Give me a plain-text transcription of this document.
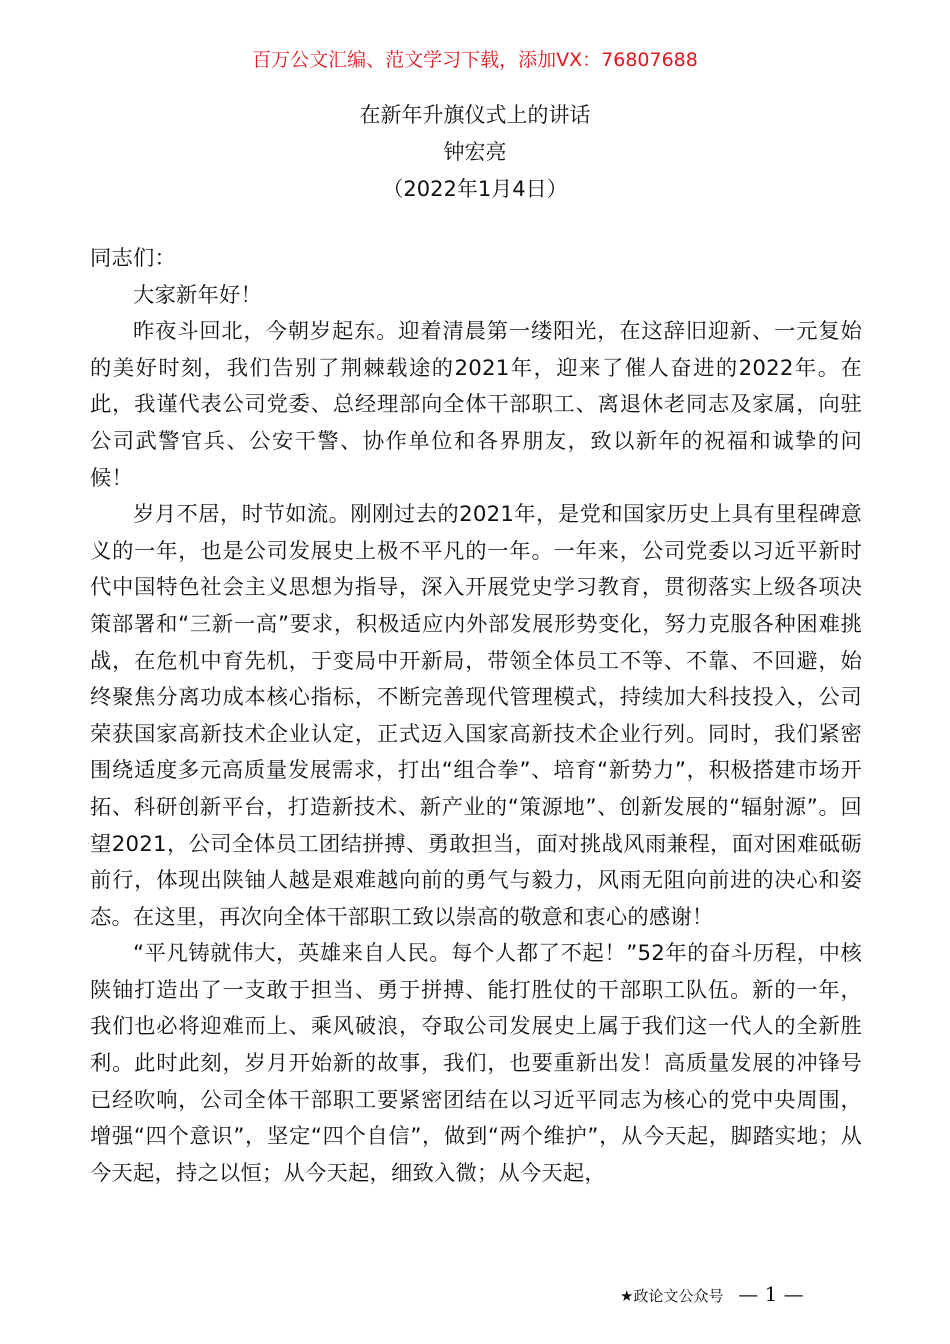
百万公文汇编、范文学习下载，添加VX：76807688
在新年升旗仪式上的讲话
钟宏亮
（2022年1月4日）

同志们：

大家新年好！

昨夜斗回北，今朝岁起东。迎着清晨第一缕阳光，在这辞旧迎新、一元复始的美好时刻，我们告别了荆棘载途的2021年，迎来了催人奋进的2022年。在此，我谨代表公司党委、总经理部向全体干部职工、离退休老同志及家属，向驻公司武警官兵、公安干警、协作单位和各界朋友，致以新年的祝福和诚挚的问候！

岁月不居，时节如流。刚刚过去的2021年，是党和国家历史上具有里程碑意义的一年，也是公司发展史上极不平凡的一年。一年来，公司党委以习近平新时代中国特色社会主义思想为指导，深入开展党史学习教育，贯彻落实上级各项决策部署和“三新一高”要求，积极适应内外部发展形势变化，努力克服各种困难挑战，在危机中育先机，于变局中开新局，带领全体员工不等、不靠、不回避，始终聚焦分离功成本核心指标，不断完善现代管理模式，持续加大科技投入，公司荣获国家高新技术企业认定，正式迈入国家高新技术企业行列。同时，我们紧密围绕适度多元高质量发展需求，打出“组合拳”、培育“新势力”，积极搭建市场开拓、科研创新平台，打造新技术、新产业的“策源地”、创新发展的“辐射源”。回望2021，公司全体员工团结拼搏、勇敢担当，面对挑战风雨兼程，面对困难砥砺前行，体现出陕铀人越是艰难越向前的勇气与毅力，风雨无阻向前进的决心和姿态。在这里，再次向全体干部职工致以崇高的敬意和衷心的感谢！

“平凡铸就伟大，英雄来自人民。每个人都了不起！”52年的奋斗历程，中核陕铀打造出了一支敢于担当、勇于拼搏、能打胜仗的干部职工队伍。新的一年，我们也必将迎难而上、乘风破浪，夺取公司发展史上属于我们这一代人的全新胜利。此时此刻，岁月开始新的故事，我们，也要重新出发！高质量发展的冲锋号已经吹响，公司全体干部职工要紧密团结在以习近平同志为核心的党中央周围，增强“四个意识”，坚定“四个自信”，做到“两个维护”，从今天起，脚踏实地；从今天起，持之以恒；从今天起，细致入微；从今天起，

★政论文公众号 — 1 —
